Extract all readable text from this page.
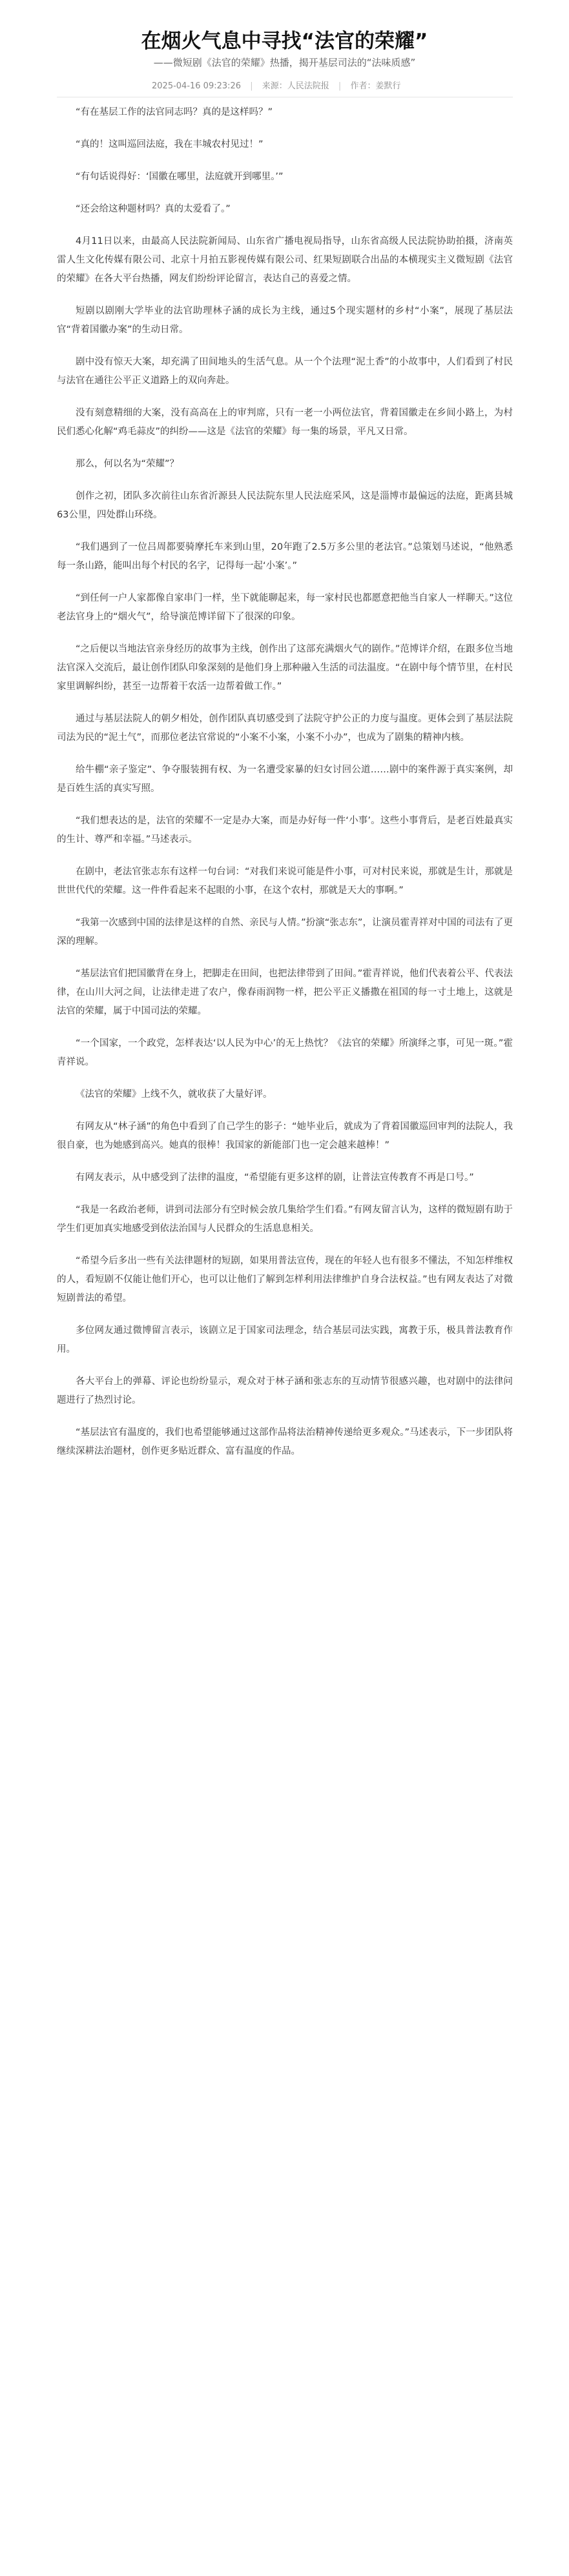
在烟火气息中寻找“法官的荣耀”
——微短剧《法官的荣耀》热播，揭开基层司法的“法味质感”
2025-04-16 09:23:26 | 来源：人民法院报 | 作者：姜默行

“有在基层工作的法官同志吗？真的是这样吗？”

“真的！这叫巡回法庭，我在丰城农村见过！”

“有句话说得好：‘国徽在哪里，法庭就开到哪里。’”

“还会给这种题材吗？真的太爱看了。”

4月11日以来，由最高人民法院新闻局、山东省广播电视局指导，山东省高级人民法院协助拍摄，济南英雷人生文化传媒有限公司、北京十月拍五影视传媒有限公司、红果短剧联合出品的本横现实主义微短剧《法官的荣耀》在各大平台热播，网友们纷纷评论留言，表达自己的喜爱之情。

短剧以剧刚大学毕业的法官助理林子涵的成长为主线，通过5个现实题材的乡村“小案”，展现了基层法官“背着国徽办案”的生动日常。

剧中没有惊天大案，却充满了田间地头的生活气息。从一个个法理“泥土香”的小故事中，人们看到了村民与法官在通往公平正义道路上的双向奔赴。

没有刻意精细的大案，没有高高在上的审判席，只有一老一小两位法官，背着国徽走在乡间小路上，为村民们悉心化解“鸡毛蒜皮”的纠纷——这是《法官的荣耀》每一集的场景，平凡又日常。

那么，何以名为“荣耀”？

创作之初，团队多次前往山东省沂源县人民法院东里人民法庭采风，这是淄博市最偏远的法庭，距离县城63公里，四处群山环绕。

“我们遇到了一位吕周都要骑摩托车来到山里，20年跑了2.5万多公里的老法官。”总策划马述说，“他熟悉每一条山路，能叫出每个村民的名字，记得每一起‘小案’。”

“到任何一户人家都像自家串门一样，坐下就能聊起来，每一家村民也都愿意把他当自家人一样聊天。”这位老法官身上的“烟火气”，给导演范博详留下了很深的印象。

“之后便以当地法官亲身经历的故事为主线，创作出了这部充满烟火气的剧作。”范博详介绍，在跟多位当地法官深入交流后，最让创作团队印象深刻的是他们身上那种融入生活的司法温度。“在剧中每个情节里，在村民家里调解纠纷，甚至一边帮着干农活一边帮着做工作。”

通过与基层法院人的朝夕相处，创作团队真切感受到了法院守护公正的力度与温度。更体会到了基层法院司法为民的“泥土气”，而那位老法官常说的“小案不小案，小案不小办”，也成为了剧集的精神内核。

给牛棚“亲子鉴定”、争夺服装拥有权、为一名遭受家暴的妇女讨回公道……剧中的案件源于真实案例，却是百姓生活的真实写照。

“我们想表达的是，法官的荣耀不一定是办大案，而是办好每一件‘小事’。这些小事背后，是老百姓最真实的生计、尊严和幸福。”马述表示。

在剧中，老法官张志东有这样一句台词：“对我们来说可能是件小事，可对村民来说，那就是生计，那就是世世代代的荣耀。这一件件看起来不起眼的小事，在这个农村，那就是天大的事啊。”

“我第一次感到中国的法律是这样的自然、亲民与人情。”扮演“张志东”，让演员霍青祥对中国的司法有了更深的理解。

“基层法官们把国徽背在身上，把脚走在田间，也把法律带到了田间。”霍青祥说，他们代表着公平、代表法律，在山川大河之间，让法律走进了农户，像春雨润物一样，把公平正义播撒在祖国的每一寸土地上，这就是法官的荣耀，属于中国司法的荣耀。

“一个国家，一个政党，怎样表达‘以人民为中心’的无上热忱？《法官的荣耀》所演绎之事，可见一斑。”霍青祥说。

《法官的荣耀》上线不久，就收获了大量好评。

有网友从“林子涵”的角色中看到了自己学生的影子：“她毕业后，就成为了背着国徽巡回审判的法院人，我很自豪，也为她感到高兴。她真的很棒！我国家的新能部门也一定会越来越棒！”

有网友表示，从中感受到了法律的温度，“希望能有更多这样的剧，让普法宣传教育不再是口号。”

“我是一名政治老师，讲到司法部分有空时候会放几集给学生们看。”有网友留言认为，这样的微短剧有助于学生们更加真实地感受到依法治国与人民群众的生活息息相关。

“希望今后多出一些有关法律题材的短剧，如果用普法宣传，现在的年轻人也有很多不懂法，不知怎样维权的人，看短剧不仅能让他们开心，也可以让他们了解到怎样利用法律维护自身合法权益。”也有网友表达了对微短剧普法的希望。

多位网友通过微博留言表示，该剧立足于国家司法理念，结合基层司法实践，寓教于乐，极具普法教育作用。

各大平台上的弹幕、评论也纷纷显示，观众对于林子涵和张志东的互动情节很感兴趣，也对剧中的法律问题进行了热烈讨论。

“基层法官有温度的，我们也希望能够通过这部作品将法治精神传递给更多观众。”马述表示，下一步团队将继续深耕法治题材，创作更多贴近群众、富有温度的作品。
